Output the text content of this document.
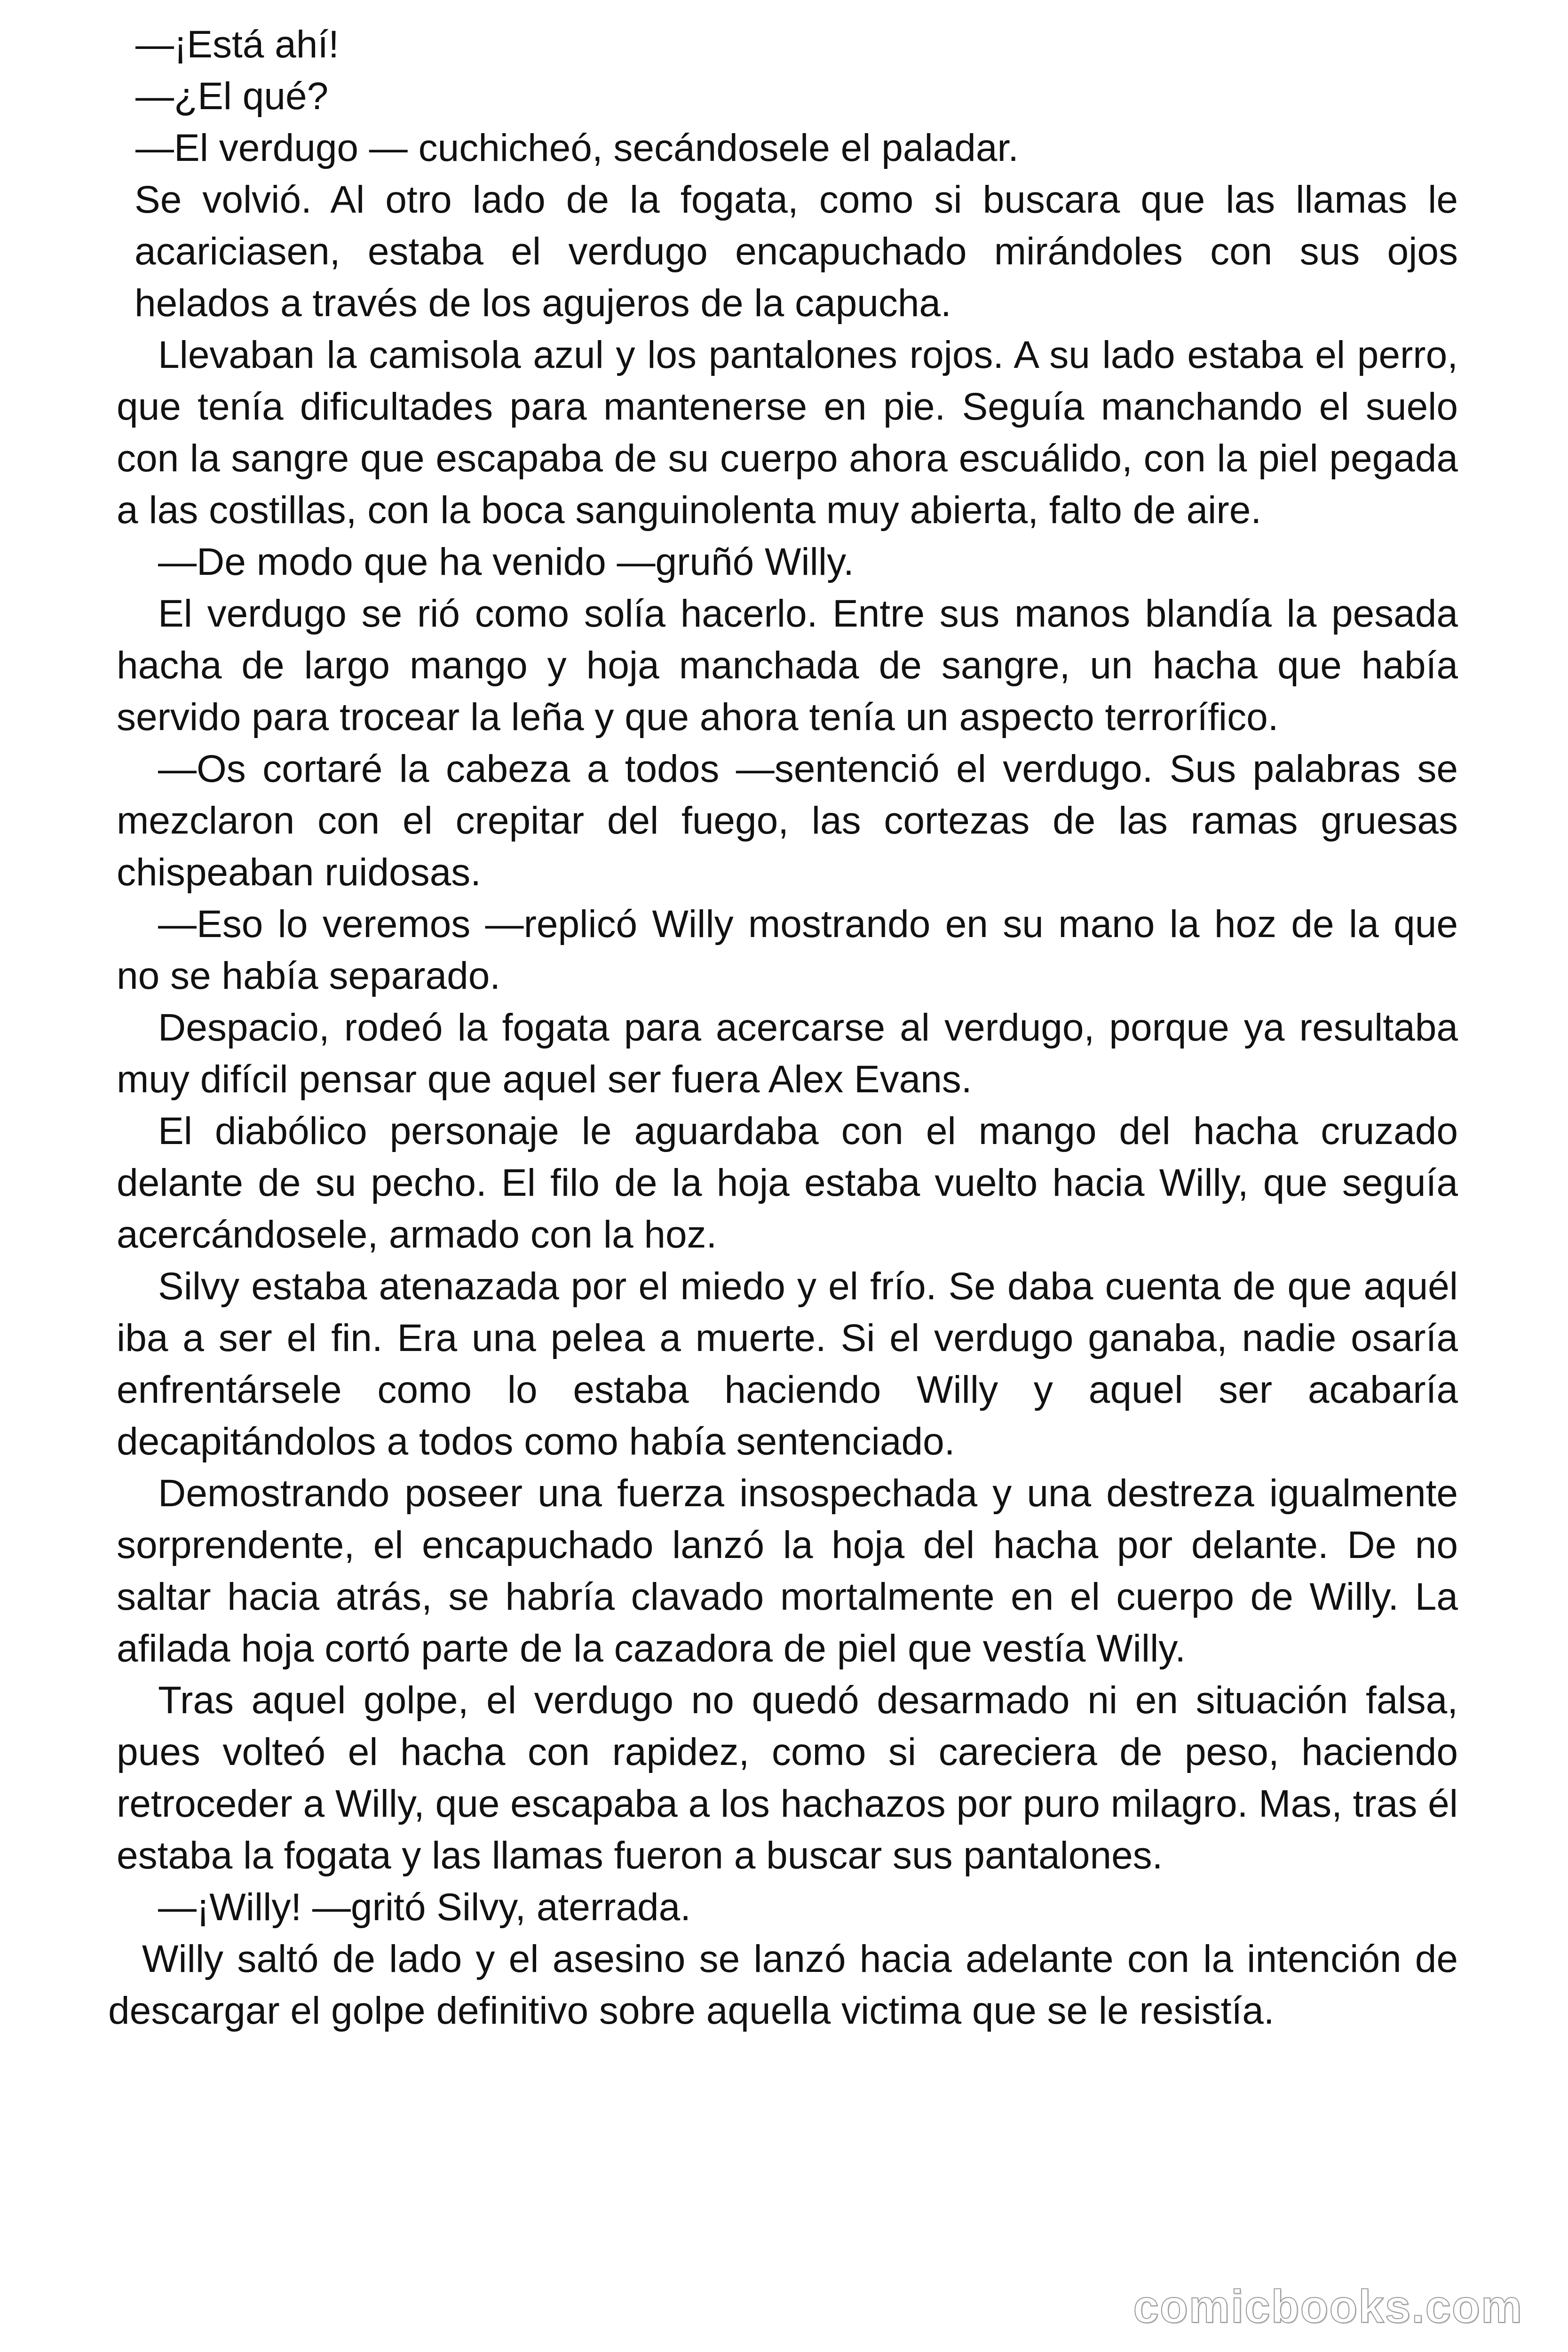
—¡Está ahí!

—¿El qué?

—El verdugo — cuchicheó, secándosele el paladar.

Se volvió. Al otro lado de la fogata, como si buscara que las llamas le acariciasen, estaba el verdugo encapuchado mirándoles con sus ojos helados a través de los agujeros de la capucha.

Llevaban la camisola azul y los pantalones rojos. A su lado estaba el perro, que tenía dificultades para mantenerse en pie. Seguía manchando el suelo con la sangre que escapaba de su cuerpo ahora escuálido, con la piel pegada a las costillas, con la boca sanguinolenta muy abierta, falto de aire.

—De modo que ha venido —gruñó Willy.

El verdugo se rió como solía hacerlo. Entre sus manos blandía la pesada hacha de largo mango y hoja manchada de sangre, un hacha que había servido para trocear la leña y que ahora tenía un aspecto terrorífico.

—Os cortaré la cabeza a todos —sentenció el verdugo. Sus palabras se mezclaron con el crepitar del fuego, las cortezas de las ramas gruesas chispeaban ruidosas.

—Eso lo veremos —replicó Willy mostrando en su mano la hoz de la que no se había separado.

Despacio, rodeó la fogata para acercarse al verdugo, porque ya resultaba muy difícil pensar que aquel ser fuera Alex Evans.

El diabólico personaje le aguardaba con el mango del hacha cruzado delante de su pecho. El filo de la hoja estaba vuelto hacia Willy, que seguía acercándosele, armado con la hoz.

Silvy estaba atenazada por el miedo y el frío. Se daba cuenta de que aquél iba a ser el fin. Era una pelea a muerte. Si el verdugo ganaba, nadie osaría enfrentársele como lo estaba haciendo Willy y aquel ser acabaría decapitándolos a todos como había sentenciado.

Demostrando poseer una fuerza insospechada y una destreza igualmente sorprendente, el encapuchado lanzó la hoja del hacha por delante. De no saltar hacia atrás, se habría clavado mortalmente en el cuerpo de Willy. La afilada hoja cortó parte de la cazadora de piel que vestía Willy.

Tras aquel golpe, el verdugo no quedó desarmado ni en situación falsa, pues volteó el hacha con rapidez, como si careciera de peso, haciendo retroceder a Willy, que escapaba a los hachazos por puro milagro. Mas, tras él estaba la fogata y las llamas fueron a buscar sus pantalones.

—¡Willy! —gritó Silvy, aterrada.

Willy saltó de lado y el asesino se lanzó hacia adelante con la intención de descargar el golpe definitivo sobre aquella victima que se le resistía.

comicbooks.com
